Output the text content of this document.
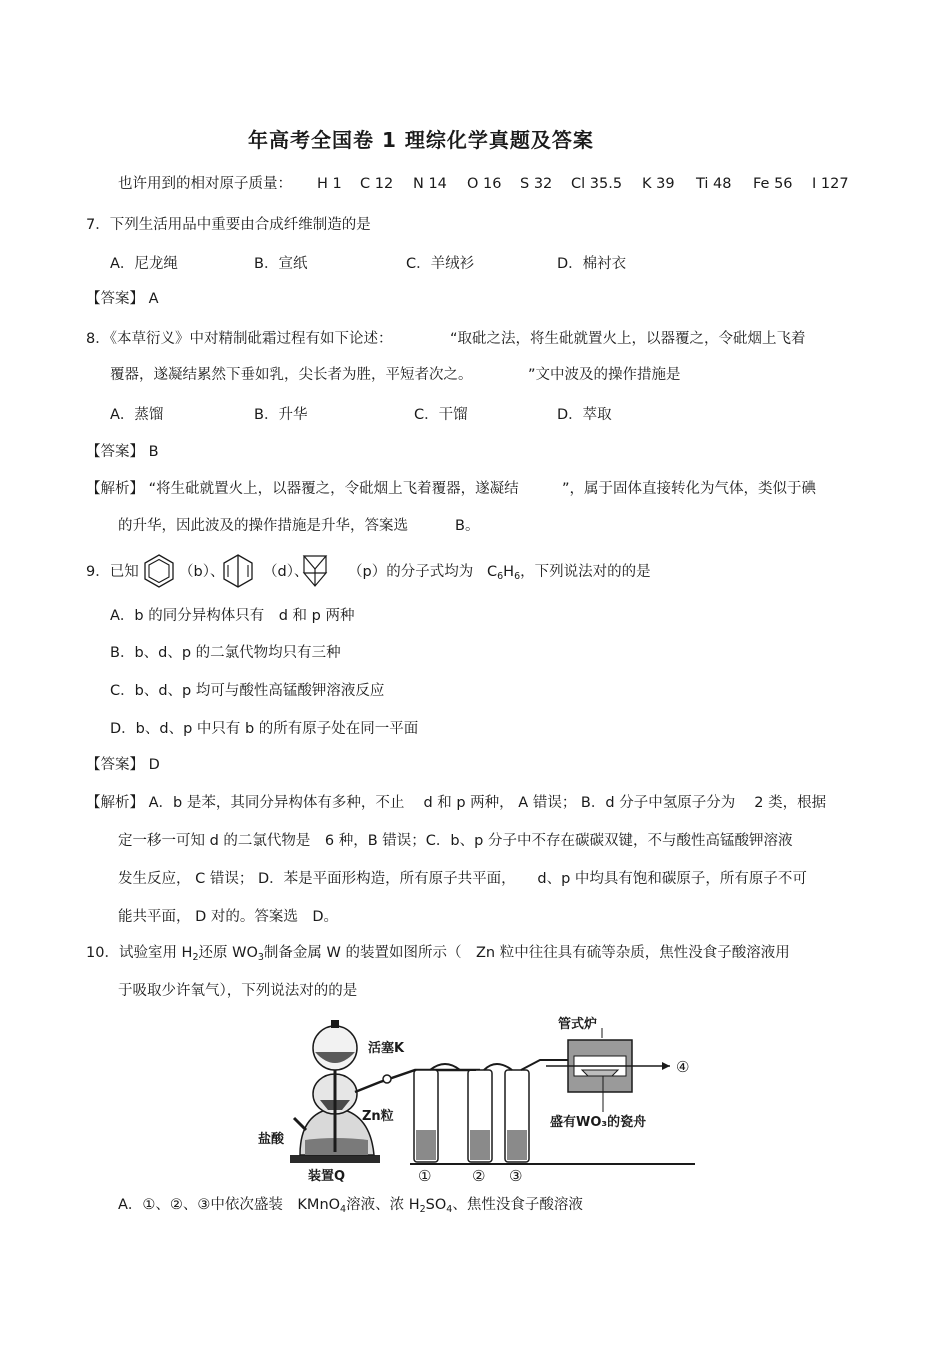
年高考全国卷 1 理综化学真题及答案
也许用到的相对原子质量： H 1 C 12 N 14 O 16 S 32 Cl 35.5 K 39 Ti 48 Fe 56 I 127
7．下列生活用品中重要由合成纤维制造的是
A．尼龙绳	B．宣纸	C．羊绒衫	D．棉衬衣
【答案】 A
8．《本草衍义》中对精制砒霜过程有如下论述：	“取砒之法，将生砒就置火上，以器覆之，令砒烟上飞着
覆器，遂凝结累然下垂如乳，尖长者为胜，平短者次之。	”文中波及的操作措施是
A．蒸馏	B．升华	C．干馏	D．萃取
【答案】 B
【解析】 “将生砒就置火上，以器覆之，令砒烟上飞着覆器，遂凝结	”，属于固体直接转化为气体，类似于碘
的升华，因此波及的操作措施是升华，答案选	B。
9．已知	（b）、	（d）、	（p）的分子式均为 $C_6H_6$，下列说法对的的是
A．b 的同分异构体只有　d 和 p 两种
B．b、d、p 的二氯代物均只有三种
C．b、d、p 均可与酸性高锰酸钾溶液反应
D．b、d、p 中只有 b 的所有原子处在同一平面
【答案】 D
【解析】 A．b 是苯，其同分异构体有多种，不止　 d 和 p 两种， A 错误； B．d 分子中氢原子分为　 2 类，根据
定一移一可知 d 的二氯代物是　6 种，B 错误；C．b、p 分子中不存在碳碳双键，不与酸性高锰酸钾溶液
发生反应， C 错误； D．苯是平面形构造，所有原子共平面，　　d、p 中均具有饱和碳原子，所有原子不可
能共平面， D 对的。答案选　D。
10．试验室用 $H_2$还原 $WO_3$制备金属 W 的装置如图所示（　Zn 粒中往往具有硫等杂质，焦性没食子酸溶液用
于吸取少许氧气），下列说法对的的是
管式炉
活塞K
Zn粒
盐酸
装置Q
盛有WO₃的瓷舟
①	② ③
④
A．①、②、③中依次盛装　 KMnO$_4$溶液、浓 $H_2SO_4$、焦性没食子酸溶液
